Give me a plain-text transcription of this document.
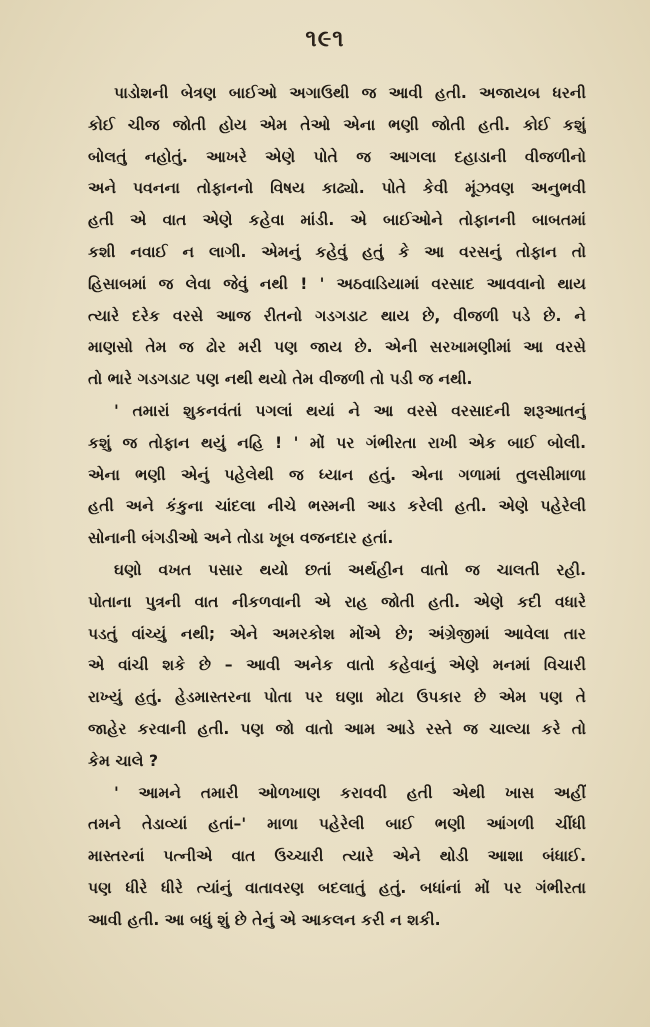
૧૯૧

પાડોશની બેત્રણ બાઈઓ અગાઉથી જ આવી હતી. અજાયબ ધરની
કોઈ ચીજ જોતી હોય એમ તેઓ એના ભણી જોતી હતી. કોઈ કશું
બોલતું નહોતું. આખરે એણે પોતે જ આગલા દહાડાની વીજળીનો
અને પવનના તોફાનનો વિષય કાઢ્યો. પોતે કેવી મૂંઝવણ અનુભવી
હતી એ વાત એણે કહેવા માંડી. એ બાઈઓને તોફાનની બાબતમાં
કશી નવાઈ ન લાગી. એમનું કહેવું હતું કે આ વરસનું તોફાન તો
હિસાબમાં જ લેવા જેવું નથી ! ' અઠવાડિયામાં વરસાદ આવવાનો થાય
ત્યારે દરેક વરસે આજ રીતનો ગડગડાટ થાય છે, વીજળી પડે છે. ને
માણસો તેમ જ ઢોર મરી પણ જાય છે. એની સરખામણીમાં આ વરસે
તો ભારે ગડગડાટ પણ નથી થયો તેમ વીજળી તો પડી જ નથી.

' તમારાં શુકનવંતાં પગલાં થયાં ને આ વરસે વરસાદની શરૂઆતનું
કશું જ તોફાન થયું નહિ ! ' મોં પર ગંભીરતા રાખી એક બાઈ બોલી.
એના ભણી એનું પહેલેથી જ ધ્યાન હતું. એના ગળામાં તુલસીમાળા
હતી અને કંકુના ચાંદલા નીચે ભસ્મની આડ કરેલી હતી. એણે પહેરેલી
સોનાની બંગડીઓ અને તોડા ખૂબ વજનદાર હતાં.

ઘણો વખત પસાર થયો છતાં અર્થહીન વાતો જ ચાલતી રહી.
પોતાના પુત્રની વાત નીકળવાની એ રાહ જોતી હતી. એણે કદી વધારે
પડતું વાંચ્યું નથી; એને અમરકોશ મોંએ છે; અંગ્રેજીમાં આવેલા તાર
એ વાંચી શકે છે – આવી અનેક વાતો કહેવાનું એણે મનમાં વિચારી
રાખ્યું હતું. હેડમાસ્તરના પોતા પર ઘણા મોટા ઉપકાર છે એમ પણ તે
જાહેર કરવાની હતી. પણ જો વાતો આમ આડે રસ્તે જ ચાલ્યા કરે તો
કેમ ચાલે ?

' આમને તમારી ઓળખાણ કરાવવી હતી એથી ખાસ અહીં
તમને તેડાવ્યાં હતાં–' માળા પહેરેલી બાઈ ભણી આંગળી ચીંધી
માસ્તરનાં પત્નીએ વાત ઉચ્ચારી ત્યારે એને થોડી આશા બંધાઈ.
પણ ધીરે ધીરે ત્યાંનું વાતાવરણ બદલાતું હતું. બધાંનાં મોં પર ગંભીરતા
આવી હતી. આ બધું શું છે તેનું એ આકલન કરી ન શકી.
